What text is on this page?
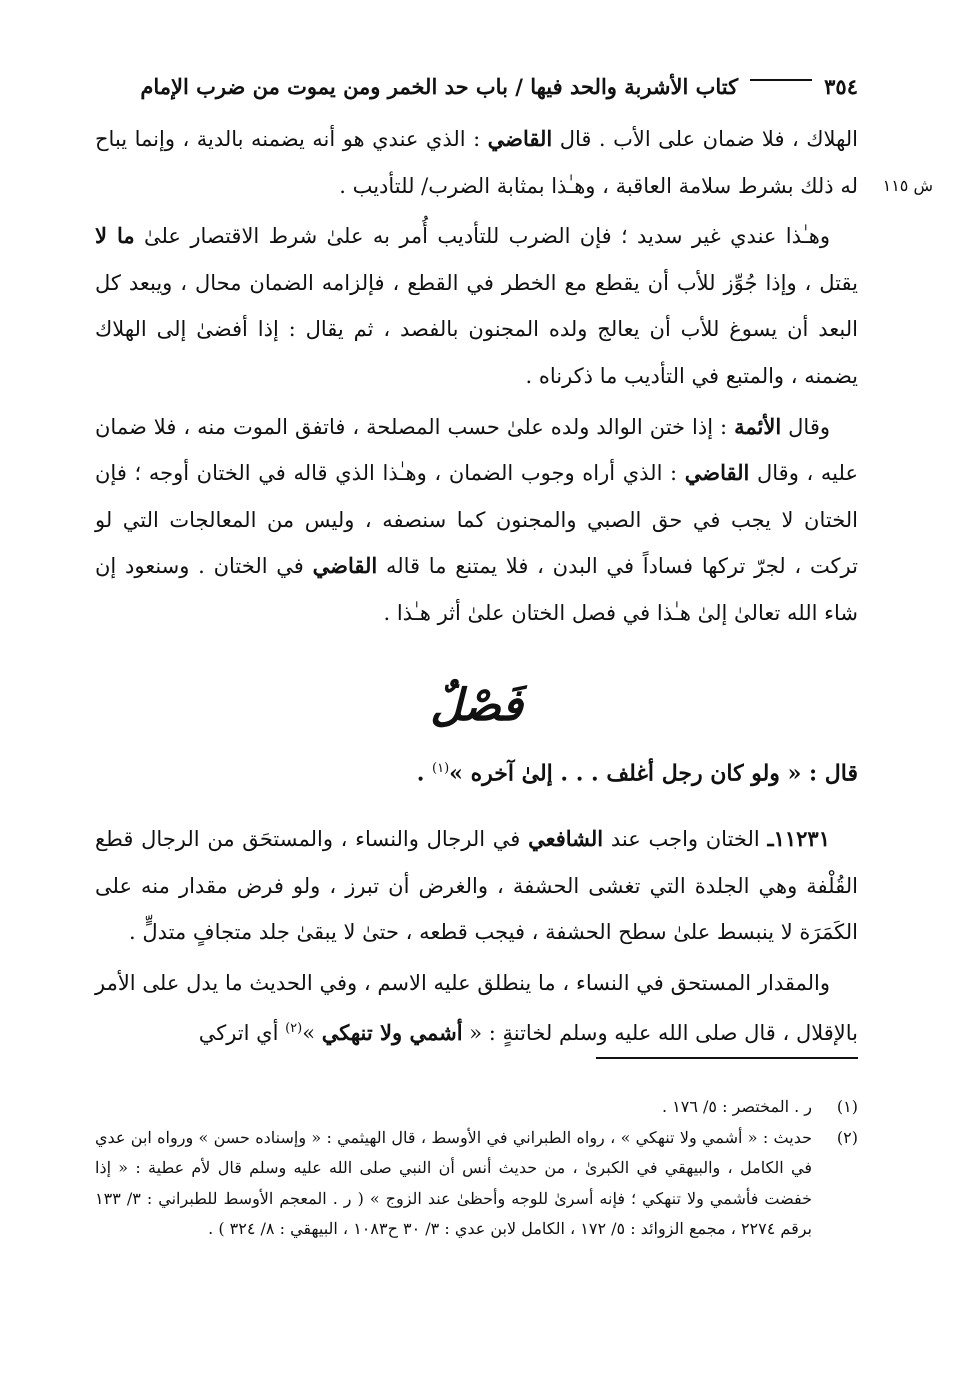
٣٥٤
كتاب الأشربة والحد فيها / باب حد الخمر ومن يموت من ضرب الإمام
ش ١١٥

الهلاك ، فلا ضمان على الأب . قال القاضي : الذي عندي هو أنه يضمنه بالدية ، وإنما يباح له ذلك بشرط سلامة العاقبة ، وهـٰذا بمثابة الضرب/ للتأديب .

وهـٰذا عندي غير سديد ؛ فإن الضرب للتأديب أُمر به علىٰ شرط الاقتصار علىٰ ما لا يقتل ، وإذا جُوِّز للأب أن يقطع مع الخطر في القطع ، فإلزامه الضمان محال ، ويبعد كل البعد أن يسوغ للأب أن يعالج ولده المجنون بالفصد ، ثم يقال : إذا أفضىٰ إلى الهلاك يضمنه ، والمتبع في التأديب ما ذكرناه .

وقال الأئمة : إذا ختن الوالد ولده علىٰ حسب المصلحة ، فاتفق الموت منه ، فلا ضمان عليه ، وقال القاضي : الذي أراه وجوب الضمان ، وهـٰذا الذي قاله في الختان أوجه ؛ فإن الختان لا يجب في حق الصبي والمجنون كما سنصفه ، وليس من المعالجات التي لو تركت ، لجرّ تركها فساداً في البدن ، فلا يمتنع ما قاله القاضي في الختان . وسنعود إن شاء الله تعالىٰ إلىٰ هـٰذا في فصل الختان علىٰ أثر هـٰذا .

فَصْلٌ
قال : « ولو كان رجل أغلف . . . إلىٰ آخره »$^{(١)}$ .

١١٢٣١ـ الختان واجب عند الشافعي في الرجال والنساء ، والمستحَق من الرجال قطع القُلْفة وهي الجلدة التي تغشى الحشفة ، والغرض أن تبرز ، ولو فرض مقدار منه على الكَمَرَة لا ينبسط علىٰ سطح الحشفة ، فيجب قطعه ، حتىٰ لا يبقىٰ جلد متجافٍ متدلٍّ .

والمقدار المستحق في النساء ، ما ينطلق عليه الاسم ، وفي الحديث ما يدل على الأمر بالإقلال ، قال صلى الله عليه وسلم لخاتنةٍ : « أشمي ولا تنهكي »$^{(٢)}$ أي اتركي

(١)
ر . المختصر : ٥/ ١٧٦ .
(٢)
حديث : « أشمي ولا تنهكي » ، رواه الطبراني في الأوسط ، قال الهيثمي : « وإسناده حسن » ورواه ابن عدي في الكامل ، والبيهقي في الكبرىٰ ، من حديث أنس أن النبي صلى الله عليه وسلم قال لأم عطية : « إذا خفضت فأشمي ولا تنهكي ؛ فإنه أسرىٰ للوجه وأحظىٰ عند الزوج » ( ر . المعجم الأوسط للطبراني : ٣/ ١٣٣ برقم ٢٢٧٤ ، مجمع الزوائد : ٥/ ١٧٢ ، الكامل لابن عدي : ٣/ ٣٠ ح١٠٨٣ ، البيهقي : ٨/ ٣٢٤ ) .
